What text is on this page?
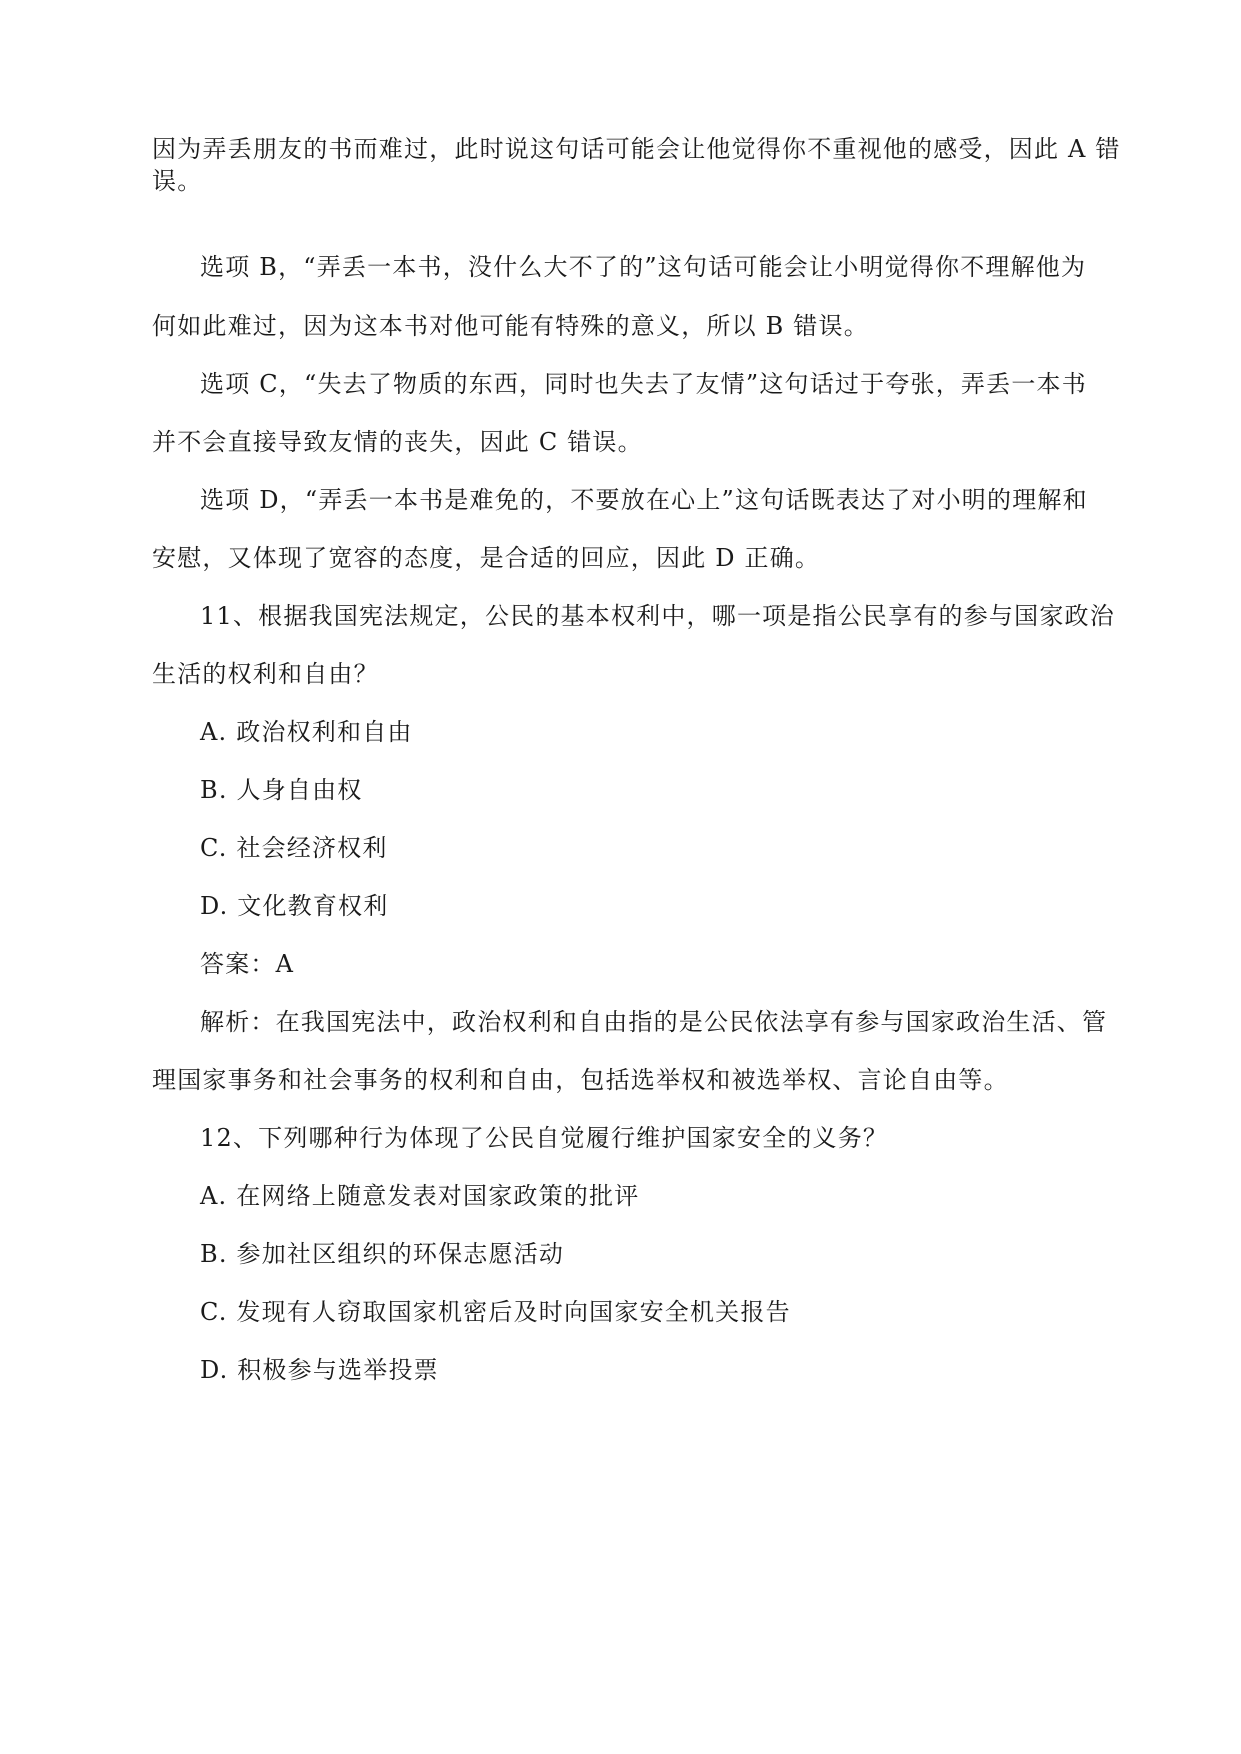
因为弄丢朋友的书而难过，此时说这句话可能会让他觉得你不重视他的感受，因此 A 错
误。
选项 B，“弄丢一本书，没什么大不了的”这句话可能会让小明觉得你不理解他为
何如此难过，因为这本书对他可能有特殊的意义，所以 B 错误。
选项 C，“失去了物质的东西，同时也失去了友情”这句话过于夸张，弄丢一本书
并不会直接导致友情的丧失，因此 C 错误。
选项 D，“弄丢一本书是难免的，不要放在心上”这句话既表达了对小明的理解和
安慰，又体现了宽容的态度，是合适的回应，因此 D 正确。
11、根据我国宪法规定，公民的基本权利中，哪一项是指公民享有的参与国家政治
生活的权利和自由？
A. 政治权利和自由
B. 人身自由权
C. 社会经济权利
D. 文化教育权利
答案：A
解析：在我国宪法中，政治权利和自由指的是公民依法享有参与国家政治生活、管
理国家事务和社会事务的权利和自由，包括选举权和被选举权、言论自由等。
12、下列哪种行为体现了公民自觉履行维护国家安全的义务？
A. 在网络上随意发表对国家政策的批评
B. 参加社区组织的环保志愿活动
C. 发现有人窃取国家机密后及时向国家安全机关报告
D. 积极参与选举投票
